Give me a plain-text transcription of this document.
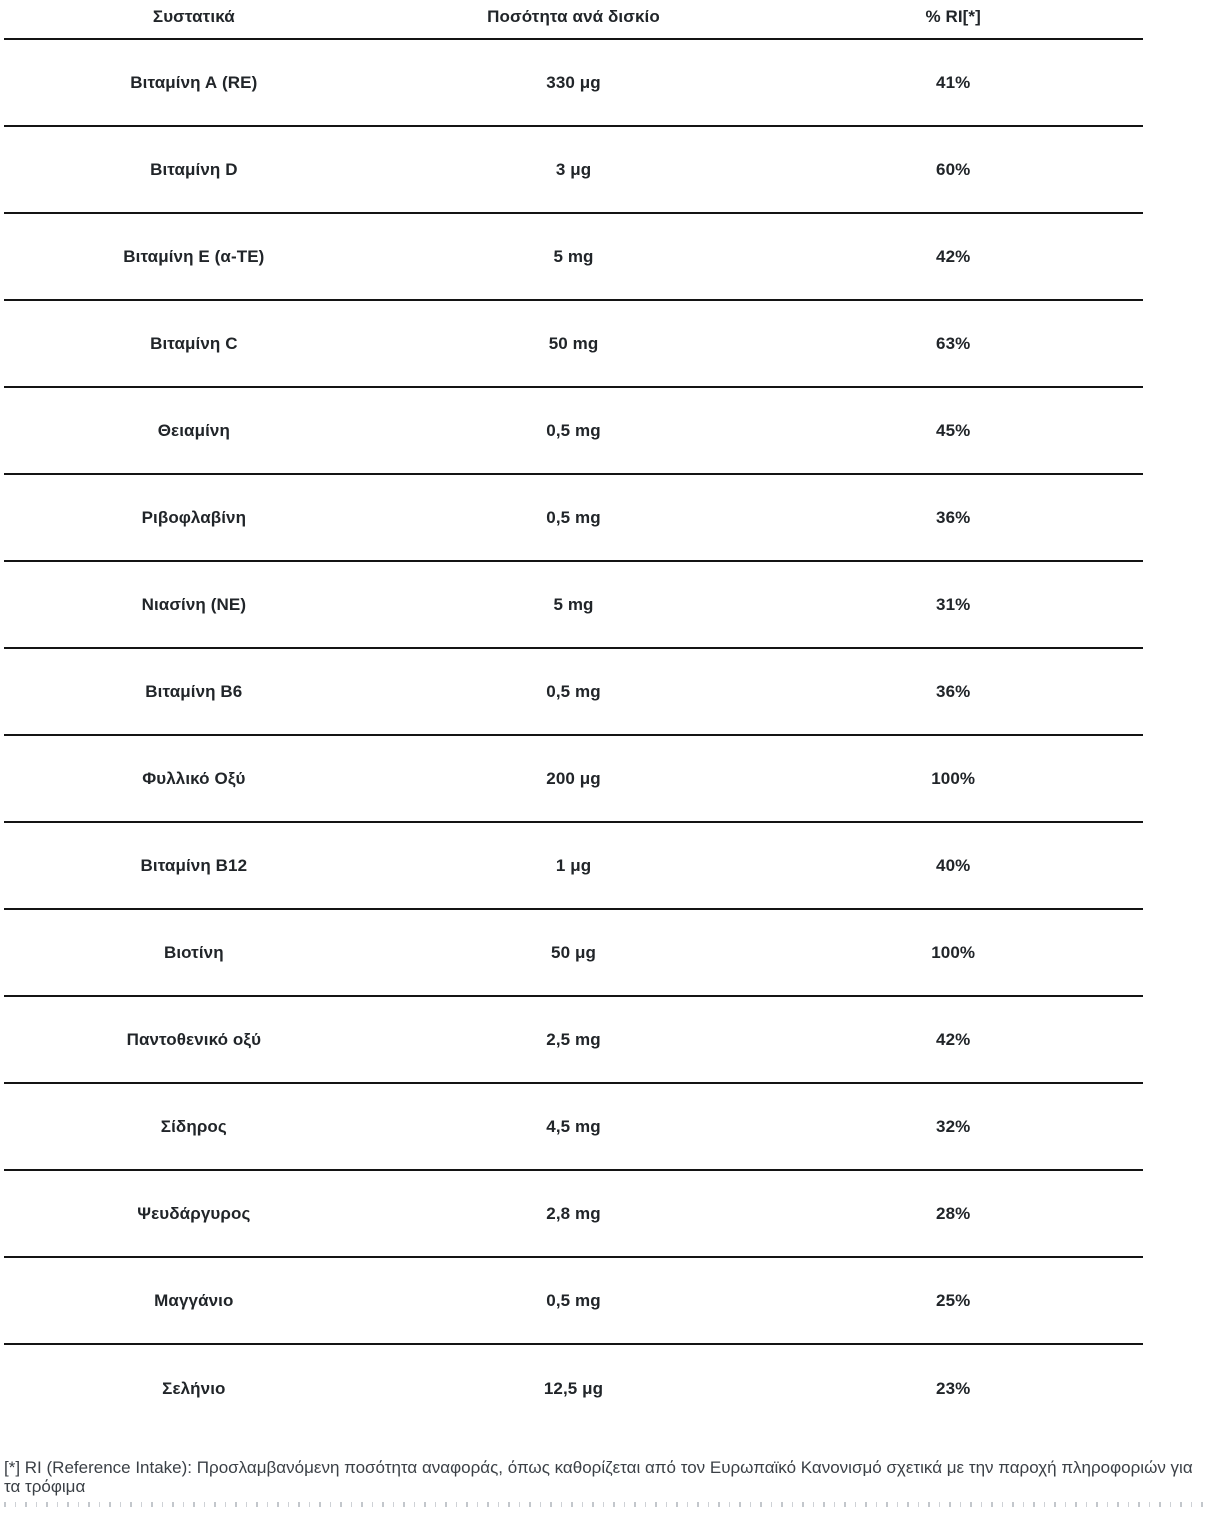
Συστατικά	Ποσότητα ανά δισκίο	% RI[*]
Βιταμίνη Α (RE)	330 μg	41%
Βιταμίνη D	3 μg	60%
Βιταμίνη Ε (α-ΤΕ)	5 mg	42%
Βιταμίνη C	50 mg	63%
Θειαμίνη	0,5 mg	45%
Ριβοφλαβίνη	0,5 mg	36%
Νιασίνη (ΝΕ)	5 mg	31%
Βιταμίνη Β6	0,5 mg	36%
Φυλλικό Οξύ	200 μg	100%
Βιταμίνη Β12	1 μg	40%
Βιοτίνη	50 μg	100%
Παντοθενικό οξύ	2,5 mg	42%
Σίδηρος	4,5 mg	32%
Ψευδάργυρος	2,8 mg	28%
Μαγγάνιο	0,5 mg	25%
Σελήνιο	12,5 μg	23%
[*] RI (Reference Intake): Προσλαμβανόμενη ποσότητα αναφοράς, όπως καθορίζεται από τον Ευρωπαϊκό Κανονισμό σχετικά με την παροχή πληροφοριών για τα τρόφιμα
